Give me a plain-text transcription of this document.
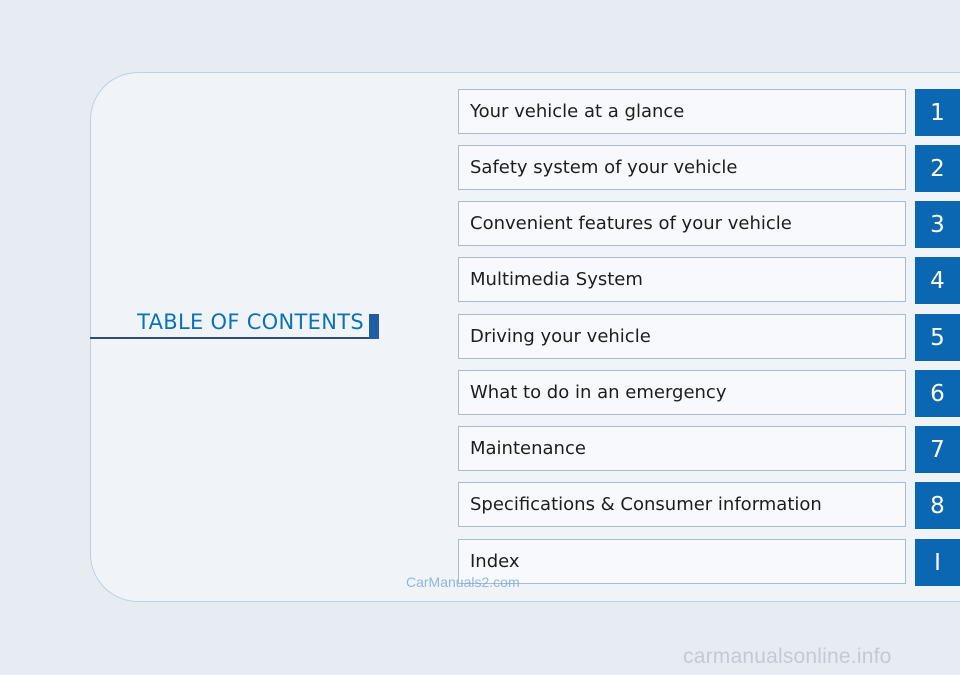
TABLE OF CONTENTS
Your vehicle at a glance	1
Safety system of your vehicle	2
Convenient features of your vehicle	3
Multimedia System	4
Driving your vehicle	5
What to do in an emergency	6
Maintenance	7
Specifications & Consumer information	8
Index	I
CarManuals2.com
carmanualsonline.info
